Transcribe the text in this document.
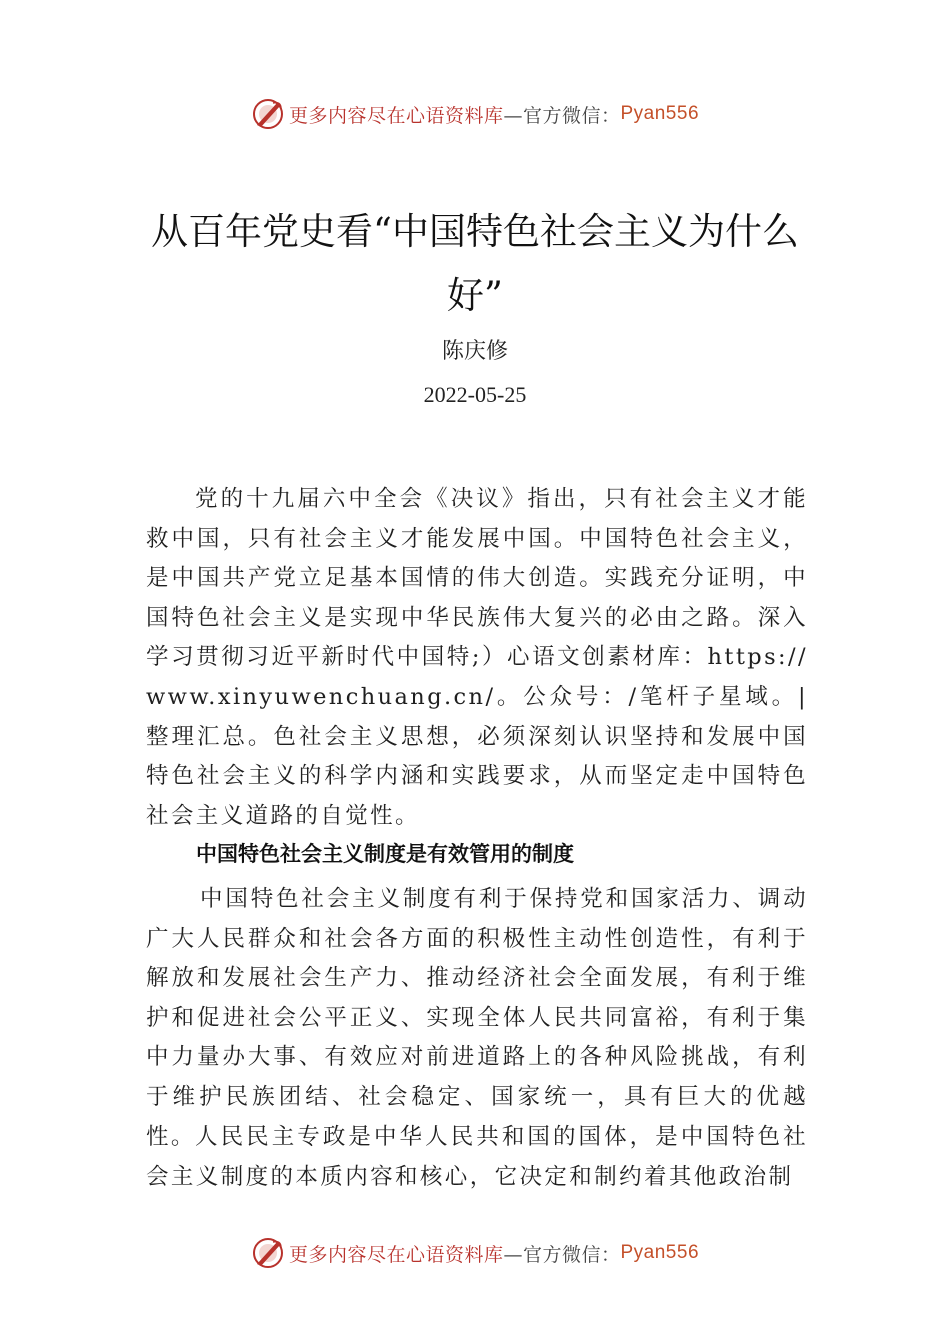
更多内容尽在心语资料库 —官方微信： Pyan556
从百年党史看“中国特色社会主义为什么好”
陈庆修
2022-05-25

党的十九届六中全会《决议》指出，只有社会主义才能救中国，只有社会主义才能发展中国。中国特色社会主义，是中国共产党立足基本国情的伟大创造。实践充分证明，中国特色社会主义是实现中华民族伟大复兴的必由之路。深入学习贯彻习近平新时代中国特;）心语文创素材库：https://www.xinyuwenchuang.cn/。公众号：/笔杆子星域。|整理汇总。色社会主义思想，必须深刻认识坚持和发展中国特色社会主义的科学内涵和实践要求，从而坚定走中国特色社会主义道路的自觉性。

中国特色社会主义制度是有效管用的制度

中国特色社会主义制度有利于保持党和国家活力、调动广大人民群众和社会各方面的积极性主动性创造性，有利于解放和发展社会生产力、推动经济社会全面发展，有利于维护和促进社会公平正义、实现全体人民共同富裕，有利于集中力量办大事、有效应对前进道路上的各种风险挑战，有利于维护民族团结、社会稳定、国家统一，具有巨大的优越性。 人民民主专政是中华人民共和国的国体，是中国特色社会主义制度的本质内容和核心，它决定和制约着其他政治制

更多内容尽在心语资料库 —官方微信： Pyan556
